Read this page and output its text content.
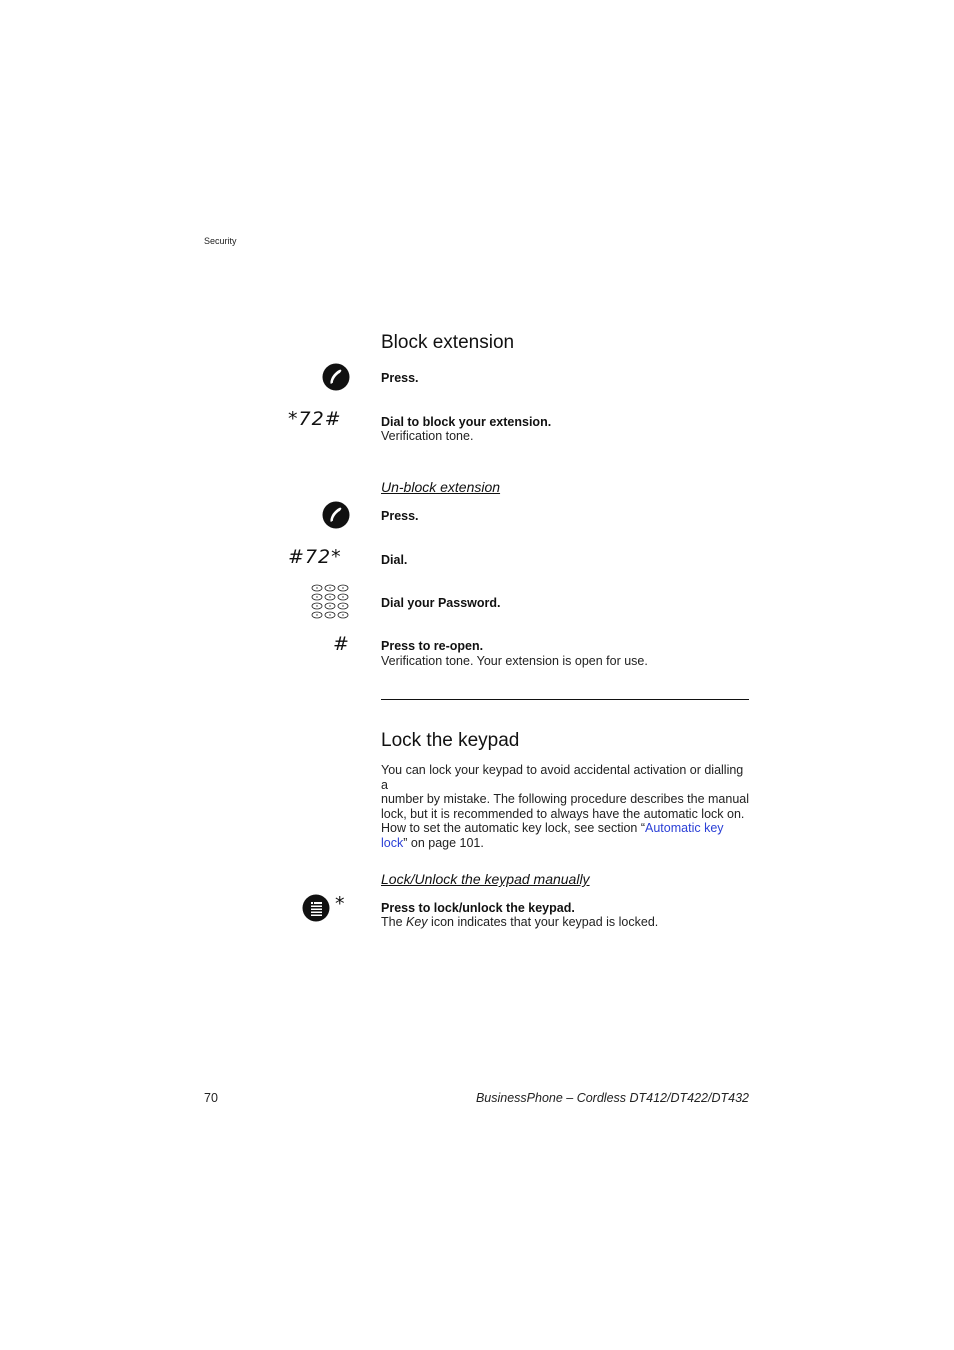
Security
Block extension
Press.
*72#	Dial to block your extension.
Verification tone.
Un-block extension
Press.
#72*	Dial.
Dial your Password.
# Press to re-open.
Verification tone. Your extension is open for use.
Lock the keypad
You can lock your keypad to avoid accidental activation or dialling a
number by mistake. The following procedure describes the manual
lock, but it is recommended to always have the automatic lock on.
How to set the automatic key lock, see section “Automatic key
lock” on page 101.
Lock/Unlock the keypad manually
*	Press to lock/unlock the keypad.
The Key icon indicates that your keypad is locked.
70	BusinessPhone – Cordless DT412/DT422/DT432
